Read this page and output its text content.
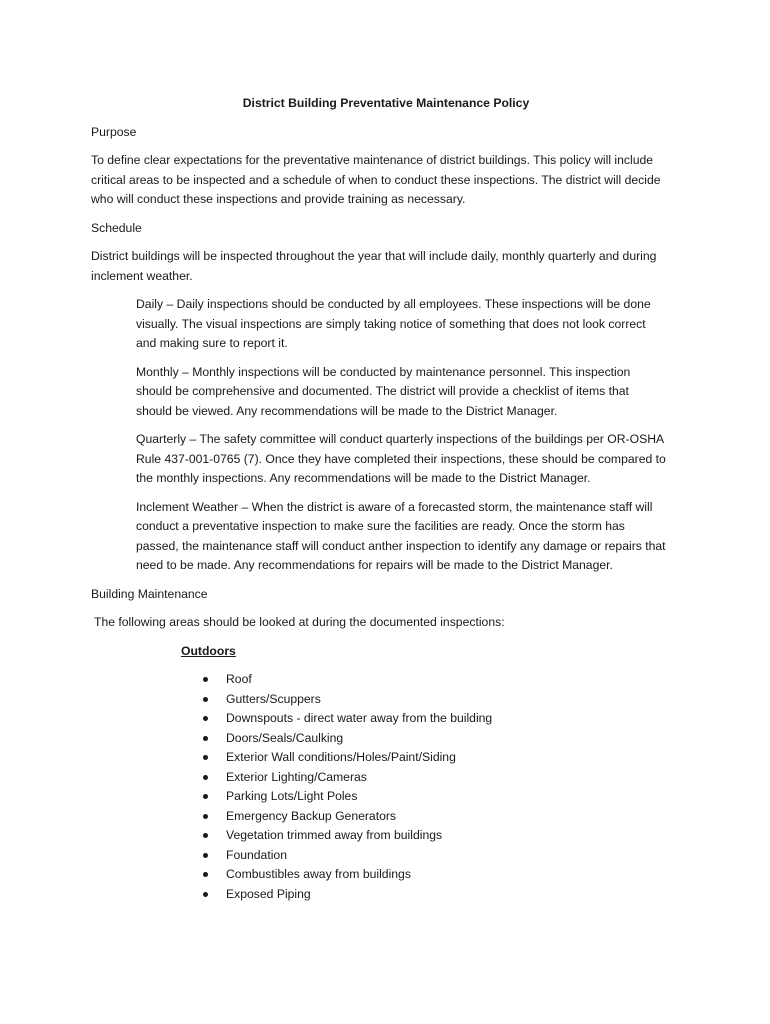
District Building Preventative Maintenance Policy
Purpose
To define clear expectations for the preventative maintenance of district buildings. This policy will include critical areas to be inspected and a schedule of when to conduct these inspections. The district will decide who will conduct these inspections and provide training as necessary.
Schedule
District buildings will be inspected throughout the year that will include daily, monthly quarterly and during inclement weather.
Daily – Daily inspections should be conducted by all employees. These inspections will be done visually. The visual inspections are simply taking notice of something that does not look correct and making sure to report it.
Monthly – Monthly inspections will be conducted by maintenance personnel. This inspection should be comprehensive and documented. The district will provide a checklist of items that should be viewed. Any recommendations will be made to the District Manager.
Quarterly – The safety committee will conduct quarterly inspections of the buildings per OR-OSHA Rule 437-001-0765 (7). Once they have completed their inspections, these should be compared to the monthly inspections. Any recommendations will be made to the District Manager.
Inclement Weather – When the district is aware of a forecasted storm, the maintenance staff will conduct a preventative inspection to make sure the facilities are ready. Once the storm has passed, the maintenance staff will conduct anther inspection to identify any damage or repairs that need to be made. Any recommendations for repairs will be made to the District Manager.
Building Maintenance
The following areas should be looked at during the documented inspections:
Outdoors
Roof
Gutters/Scuppers
Downspouts - direct water away from the building
Doors/Seals/Caulking
Exterior Wall conditions/Holes/Paint/Siding
Exterior Lighting/Cameras
Parking Lots/Light Poles
Emergency Backup Generators
Vegetation trimmed away from buildings
Foundation
Combustibles away from buildings
Exposed Piping
